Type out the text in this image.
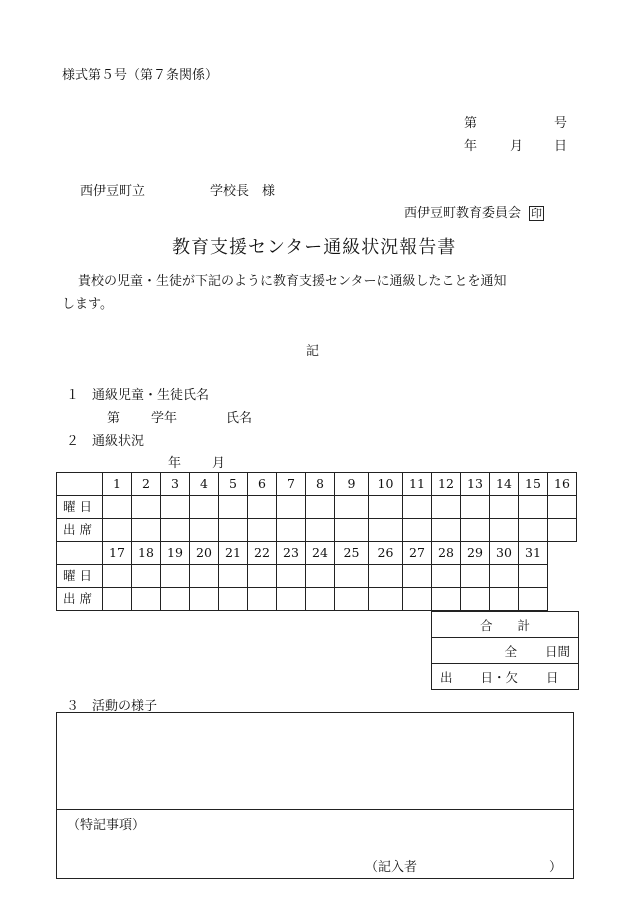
様式第５号（第７条関係）
第	号
年	月 日
西伊豆町立	学校長　様
西伊豆町教育委員会 印
教育支援センター通級状況報告書
貴校の児童・生徒が下記のように教育支援センターに通級したことを通知
します。
記
１　通級児童・生徒氏名
第 学年	氏名
２　通級状況
年 月
	1	2	3	4	5	6	7	8	9	10	11	12	13	14	15	16
曜日																
出席																
	17	18	19	20	21	22	23	24	25	26	27	28	29	30	31	
曜日																
出席																
合　　計
全 日間
出 日・欠 日
３　活動の様子
（特記事項）
（記入者	）
